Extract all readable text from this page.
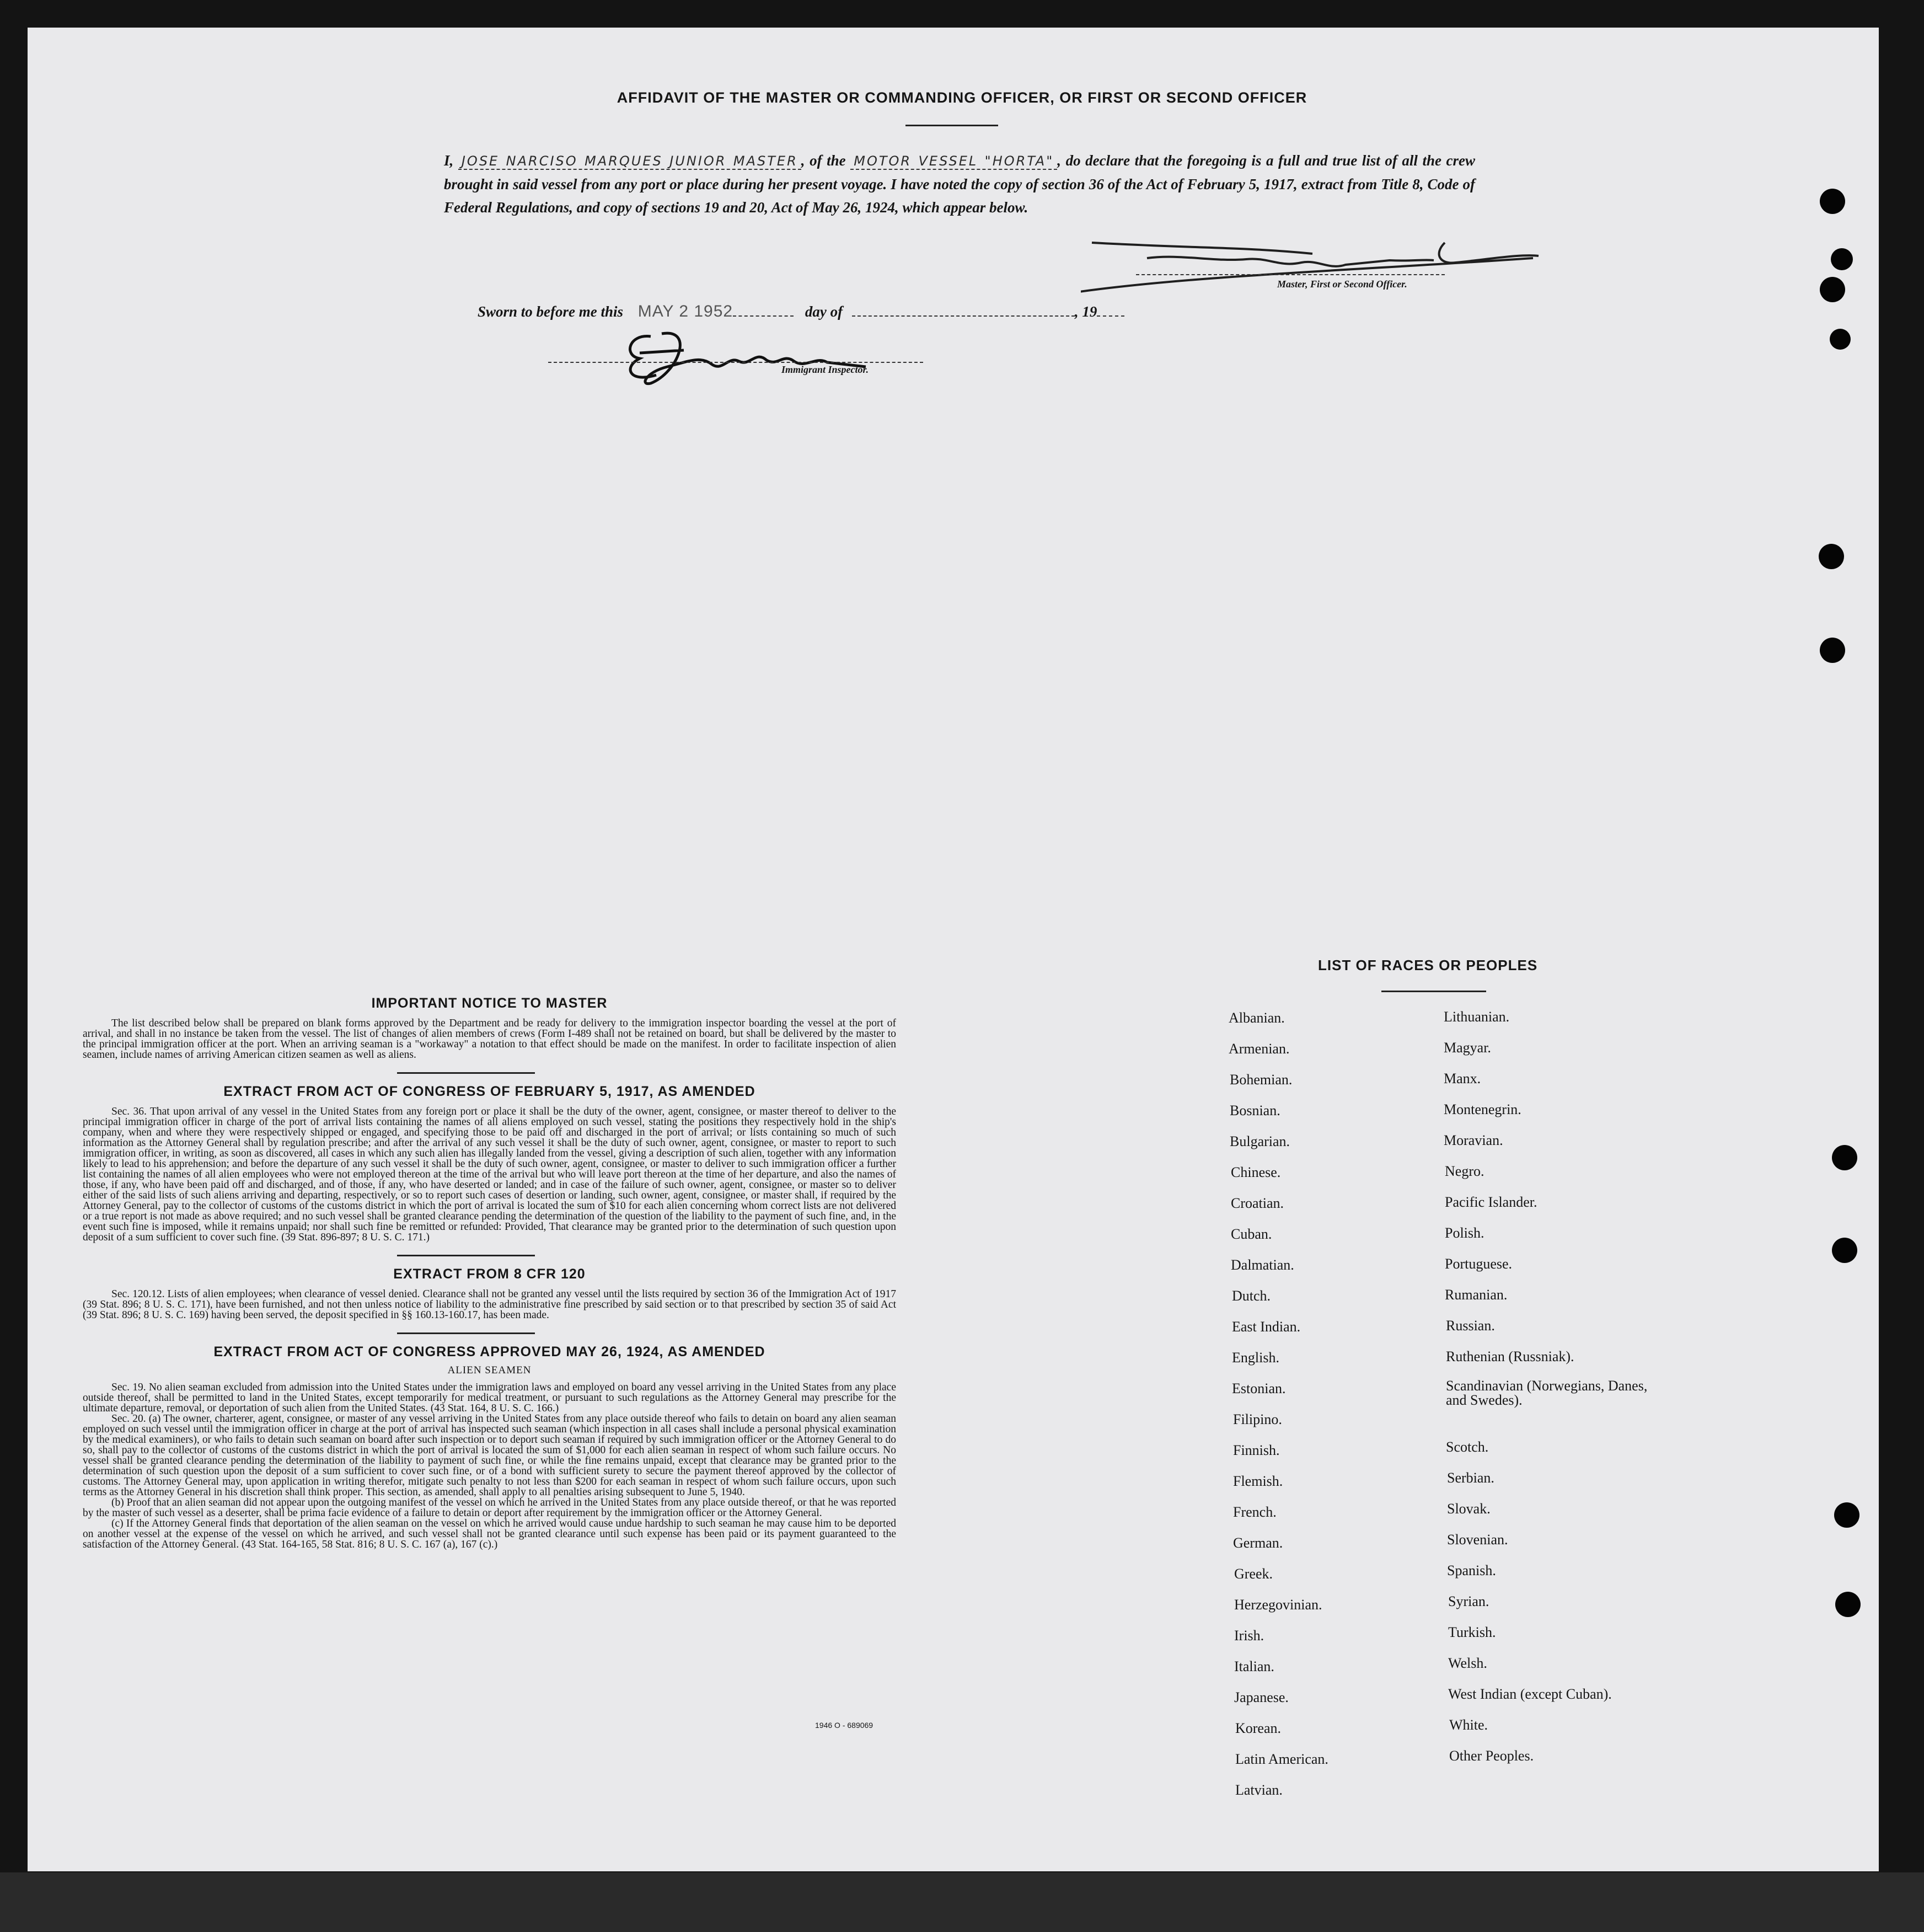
AFFIDAVIT OF THE MASTER OR COMMANDING OFFICER, OR FIRST OR SECOND OFFICER
I, JOSE NARCISO MARQUES JUNIOR MASTER , of the MOTOR VESSEL "HORTA" , do declare that the foregoing is a full and true list of all the crew brought in said vessel from any port or place during her present voyage. I have noted the copy of section 36 of the Act of February 5, 1917, extract from Title 8, Code of Federal Regulations, and copy of sections 19 and 20, Act of May 26, 1924, which appear below.
Master, First or Second Officer.
Sworn to before me this MAY 2 1952	day of	, 19
Immigrant Inspector.
IMPORTANT NOTICE TO MASTER

The list described below shall be prepared on blank forms approved by the Department and be ready for delivery to the immigration inspector boarding the vessel at the port of arrival, and shall in no instance be taken from the vessel. The list of changes of alien members of crews (Form I-489 shall not be retained on board, but shall be delivered by the master to the principal immigration officer at the port. When an arriving seaman is a "workaway" a notation to that effect should be made on the manifest. In order to facilitate inspection of alien seamen, include names of arriving American citizen seamen as well as aliens.

EXTRACT FROM ACT OF CONGRESS OF FEBRUARY 5, 1917, AS AMENDED

Sec. 36. That upon arrival of any vessel in the United States from any foreign port or place it shall be the duty of the owner, agent, consignee, or master thereof to deliver to the principal immigration officer in charge of the port of arrival lists containing the names of all aliens employed on such vessel, stating the positions they respectively hold in the ship's company, when and where they were respectively shipped or engaged, and specifying those to be paid off and discharged in the port of arrival; or lists containing so much of such information as the Attorney General shall by regulation prescribe; and after the arrival of any such vessel it shall be the duty of such owner, agent, consignee, or master to report to such immigration officer, in writing, as soon as discovered, all cases in which any such alien has illegally landed from the vessel, giving a description of such alien, together with any information likely to lead to his apprehension; and before the departure of any such vessel it shall be the duty of such owner, agent, consignee, or master to deliver to such immigration officer a further list containing the names of all alien employees who were not employed thereon at the time of the arrival but who will leave port thereon at the time of her departure, and also the names of those, if any, who have been paid off and discharged, and of those, if any, who have deserted or landed; and in case of the failure of such owner, agent, consignee, or master so to deliver either of the said lists of such aliens arriving and departing, respectively, or so to report such cases of desertion or landing, such owner, agent, consignee, or master shall, if required by the Attorney General, pay to the collector of customs of the customs district in which the port of arrival is located the sum of $10 for each alien concerning whom correct lists are not delivered or a true report is not made as above required; and no such vessel shall be granted clearance pending the determination of the question of the liability to the payment of such fine, and, in the event such fine is imposed, while it remains unpaid; nor shall such fine be remitted or refunded: Provided, That clearance may be granted prior to the determination of such question upon deposit of a sum sufficient to cover such fine. (39 Stat. 896-897; 8 U. S. C. 171.)

EXTRACT FROM 8 CFR 120

Sec. 120.12. Lists of alien employees; when clearance of vessel denied. Clearance shall not be granted any vessel until the lists required by section 36 of the Immigration Act of 1917 (39 Stat. 896; 8 U. S. C. 171), have been furnished, and not then unless notice of liability to the administrative fine prescribed by said section or to that prescribed by section 35 of said Act (39 Stat. 896; 8 U. S. C. 169) having been served, the deposit specified in §§ 160.13-160.17, has been made.

EXTRACT FROM ACT OF CONGRESS APPROVED MAY 26, 1924, AS AMENDED
ALIEN SEAMEN

Sec. 19. No alien seaman excluded from admission into the United States under the immigration laws and employed on board any vessel arriving in the United States from any place outside thereof, shall be permitted to land in the United States, except temporarily for medical treatment, or pursuant to such regulations as the Attorney General may prescribe for the ultimate departure, removal, or deportation of such alien from the United States. (43 Stat. 164, 8 U. S. C. 166.)

Sec. 20. (a) The owner, charterer, agent, consignee, or master of any vessel arriving in the United States from any place outside thereof who fails to detain on board any alien seaman employed on such vessel until the immigration officer in charge at the port of arrival has inspected such seaman (which inspection in all cases shall include a personal physical examination by the medical examiners), or who fails to detain such seaman on board after such inspection or to deport such seaman if required by such immigration officer or the Attorney General to do so, shall pay to the collector of customs of the customs district in which the port of arrival is located the sum of $1,000 for each alien seaman in respect of whom such failure occurs. No vessel shall be granted clearance pending the determination of the liability to payment of such fine, or while the fine remains unpaid, except that clearance may be granted prior to the determination of such question upon the deposit of a sum sufficient to cover such fine, or of a bond with sufficient surety to secure the payment thereof approved by the collector of customs. The Attorney General may, upon application in writing therefor, mitigate such penalty to not less than $200 for each seaman in respect of whom such failure occurs, upon such terms as the Attorney General in his discretion shall think proper. This section, as amended, shall apply to all penalties arising subsequent to June 5, 1940.

(b) Proof that an alien seaman did not appear upon the outgoing manifest of the vessel on which he arrived in the United States from any place outside thereof, or that he was reported by the master of such vessel as a deserter, shall be prima facie evidence of a failure to detain or deport after requirement by the immigration officer or the Attorney General.

(c) If the Attorney General finds that deportation of the alien seaman on the vessel on which he arrived would cause undue hardship to such seaman he may cause him to be deported on another vessel at the expense of the vessel on which he arrived, and such vessel shall not be granted clearance until such expense has been paid or its payment guaranteed to the satisfaction of the Attorney General. (43 Stat. 164-165, 58 Stat. 816; 8 U. S. C. 167 (a), 167 (c).)

1946 O - 689069
LIST OF RACES OR PEOPLES
Albanian.
Armenian.
Bohemian.
Bosnian.
Bulgarian.
Chinese.
Croatian.
Cuban.
Dalmatian.
Dutch.
East Indian.
English.
Estonian.
Filipino.
Finnish.
Flemish.
French.
German.
Greek.
Herzegovinian.
Irish.
Italian.
Japanese.
Korean.
Latin American.
Latvian.
Lithuanian.
Magyar.
Manx.
Montenegrin.
Moravian.
Negro.
Pacific Islander.
Polish.
Portuguese.
Rumanian.
Russian.
Ruthenian (Russniak).
Scandinavian (Norwegians, Danes, and Swedes).
Scotch.
Serbian.
Slovak.
Slovenian.
Spanish.
Syrian.
Turkish.
Welsh.
West Indian (except Cuban).
White.
Other Peoples.
